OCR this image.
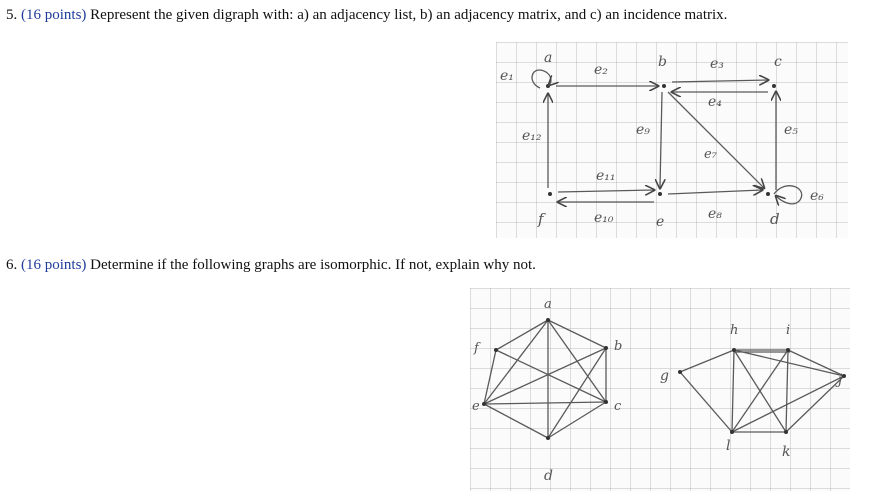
5. (16 points) Represent the given digraph with: a) an adjacency list, b) an adjacency matrix, and c) an incidence matrix.
a	b	c
d
e
f
e₁	e₂	e₃
e₄
e₅
e₆
e₇
e₈
e₉
e₁₀
e₁₁
e₁₂
6. (16 points) Determine if the following graphs are isomorphic. If not, explain why not.
a
b
c
d
e
f
g
h	i
j
k
l
